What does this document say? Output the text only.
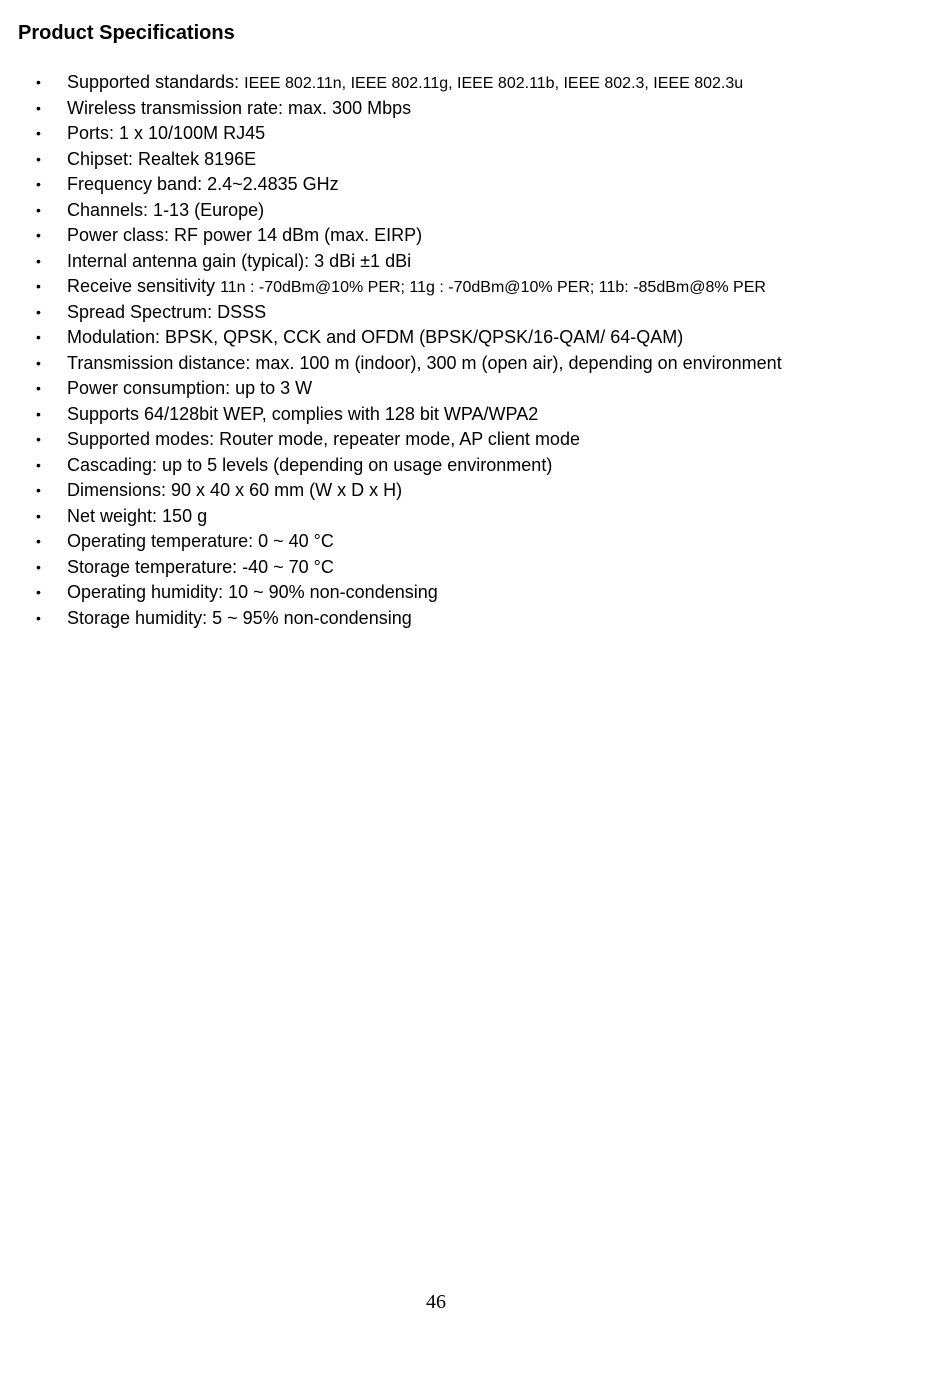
Product Specifications
• Supported standards: IEEE 802.11n, IEEE 802.11g, IEEE 802.11b, IEEE 802.3, IEEE 802.3u
• Wireless transmission rate: max. 300 Mbps
• Ports: 1 x 10/100M RJ45
• Chipset: Realtek 8196E
• Frequency band: 2.4~2.4835 GHz
• Channels: 1-13 (Europe)
• Power class: RF power 14 dBm (max. EIRP)
• Internal antenna gain (typical): 3 dBi ±1 dBi
• Receive sensitivity 11n : -70dBm@10% PER; 11g : -70dBm@10% PER; 11b: -85dBm@8% PER
• Spread Spectrum: DSSS
• Modulation: BPSK, QPSK, CCK and OFDM (BPSK/QPSK/16-QAM/ 64-QAM)
• Transmission distance: max. 100 m (indoor), 300 m (open air), depending on environment
• Power consumption: up to 3 W
• Supports 64/128bit WEP, complies with 128 bit WPA/WPA2
• Supported modes: Router mode, repeater mode, AP client mode
• Cascading: up to 5 levels (depending on usage environment)
• Dimensions: 90 x 40 x 60 mm (W x D x H)
• Net weight: 150 g
• Operating temperature: 0 ~ 40 °C
• Storage temperature: -40 ~ 70 °C
• Operating humidity: 10 ~ 90% non-condensing
• Storage humidity: 5 ~ 95% non-condensing
46
